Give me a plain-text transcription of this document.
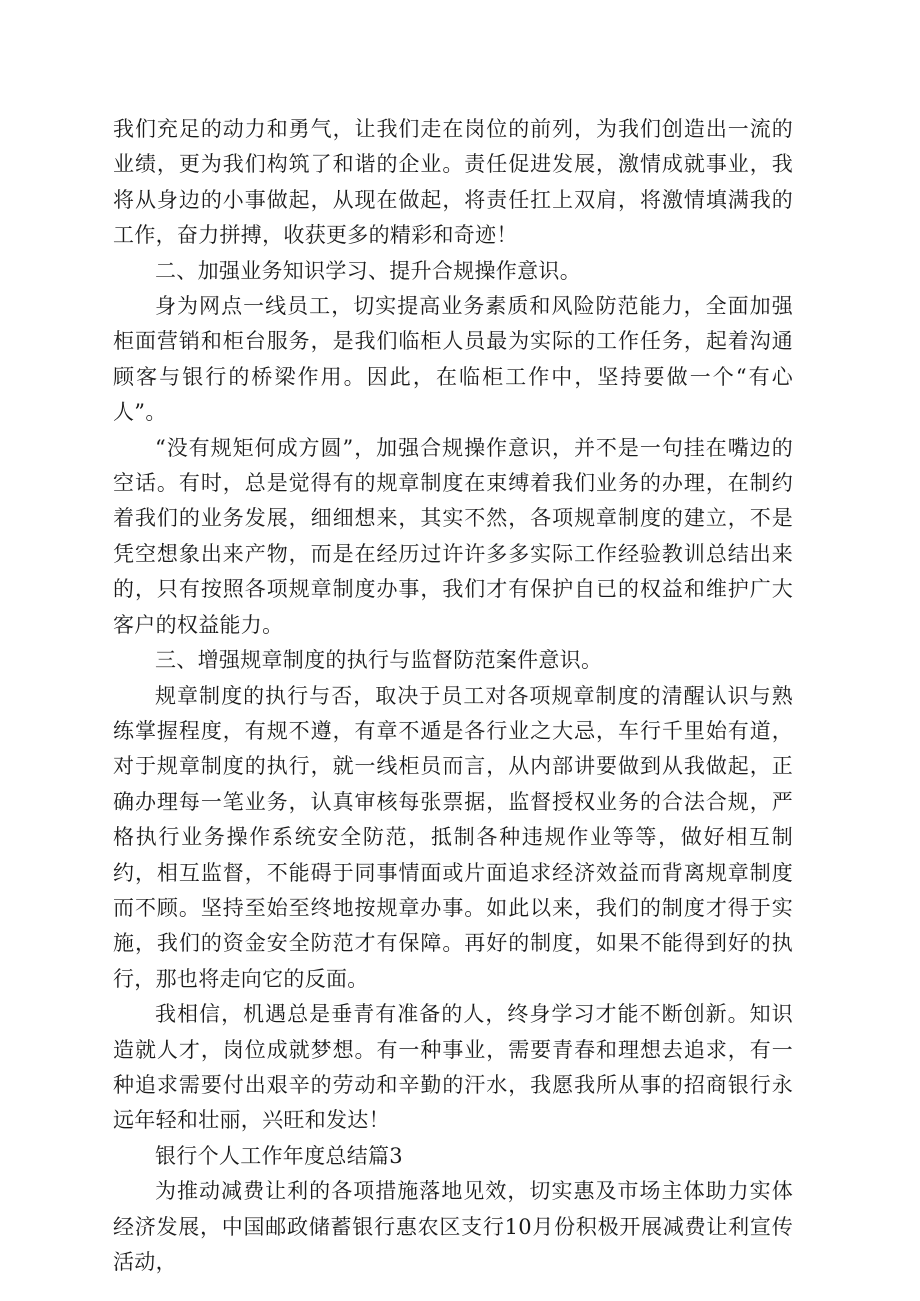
我们充足的动力和勇气，让我们走在岗位的前列，为我们创造出一流的业绩，更为我们构筑了和谐的企业。责任促进发展，激情成就事业，我将从身边的小事做起，从现在做起，将责任扛上双肩，将激情填满我的工作，奋力拼搏，收获更多的精彩和奇迹！

二、加强业务知识学习、提升合规操作意识。

身为网点一线员工，切实提高业务素质和风险防范能力，全面加强柜面营销和柜台服务，是我们临柜人员最为实际的工作任务，起着沟通顾客与银行的桥梁作用。因此，在临柜工作中，坚持要做一个“有心人”。

“没有规矩何成方圆”，加强合规操作意识，并不是一句挂在嘴边的空话。有时，总是觉得有的规章制度在束缚着我们业务的办理，在制约着我们的业务发展，细细想来，其实不然，各项规章制度的建立，不是凭空想象出来产物，而是在经历过许许多多实际工作经验教训总结出来的，只有按照各项规章制度办事，我们才有保护自已的权益和维护广大客户的权益能力。

三、增强规章制度的执行与监督防范案件意识。

规章制度的执行与否，取决于员工对各项规章制度的清醒认识与熟练掌握程度，有规不遵，有章不遁是各行业之大忌，车行千里始有道，对于规章制度的执行，就一线柜员而言，从内部讲要做到从我做起，正确办理每一笔业务，认真审核每张票据，监督授权业务的合法合规，严格执行业务操作系统安全防范，抵制各种违规作业等等，做好相互制约，相互监督，不能碍于同事情面或片面追求经济效益而背离规章制度而不顾。坚持至始至终地按规章办事。如此以来，我们的制度才得于实施，我们的资金安全防范才有保障。再好的制度，如果不能得到好的执行，那也将走向它的反面。

我相信，机遇总是垂青有准备的人，终身学习才能不断创新。知识造就人才，岗位成就梦想。有一种事业，需要青春和理想去追求，有一种追求需要付出艰辛的劳动和辛勤的汗水，我愿我所从事的招商银行永远年轻和壮丽，兴旺和发达！

银行个人工作年度总结篇3

为推动减费让利的各项措施落地见效，切实惠及市场主体助力实体经济发展，中国邮政储蓄银行惠农区支行10月份积极开展减费让利宣传活动，
